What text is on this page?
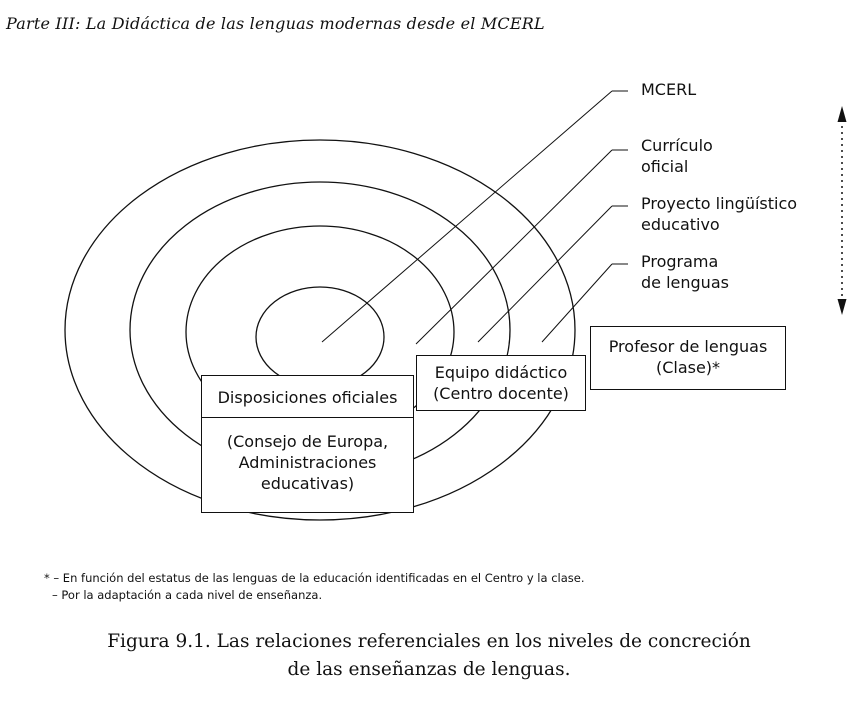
Parte III: La Didáctica de las lenguas modernas desde el MCERL
MCERL
Currículo
oficial
Proyecto lingüístico
educativo
Programa
de lenguas
Disposiciones oficiales
(Consejo de Europa,
Administraciones
educativas)
Equipo didáctico
(Centro docente)
Profesor de lenguas
(Clase)*
* – En función del estatus de las lenguas de la educación identificadas en el Centro y la clase.
– Por la adaptación a cada nivel de enseñanza.
Figura 9.1. Las relaciones referenciales en los niveles de concreción
de las enseñanzas de lenguas.
